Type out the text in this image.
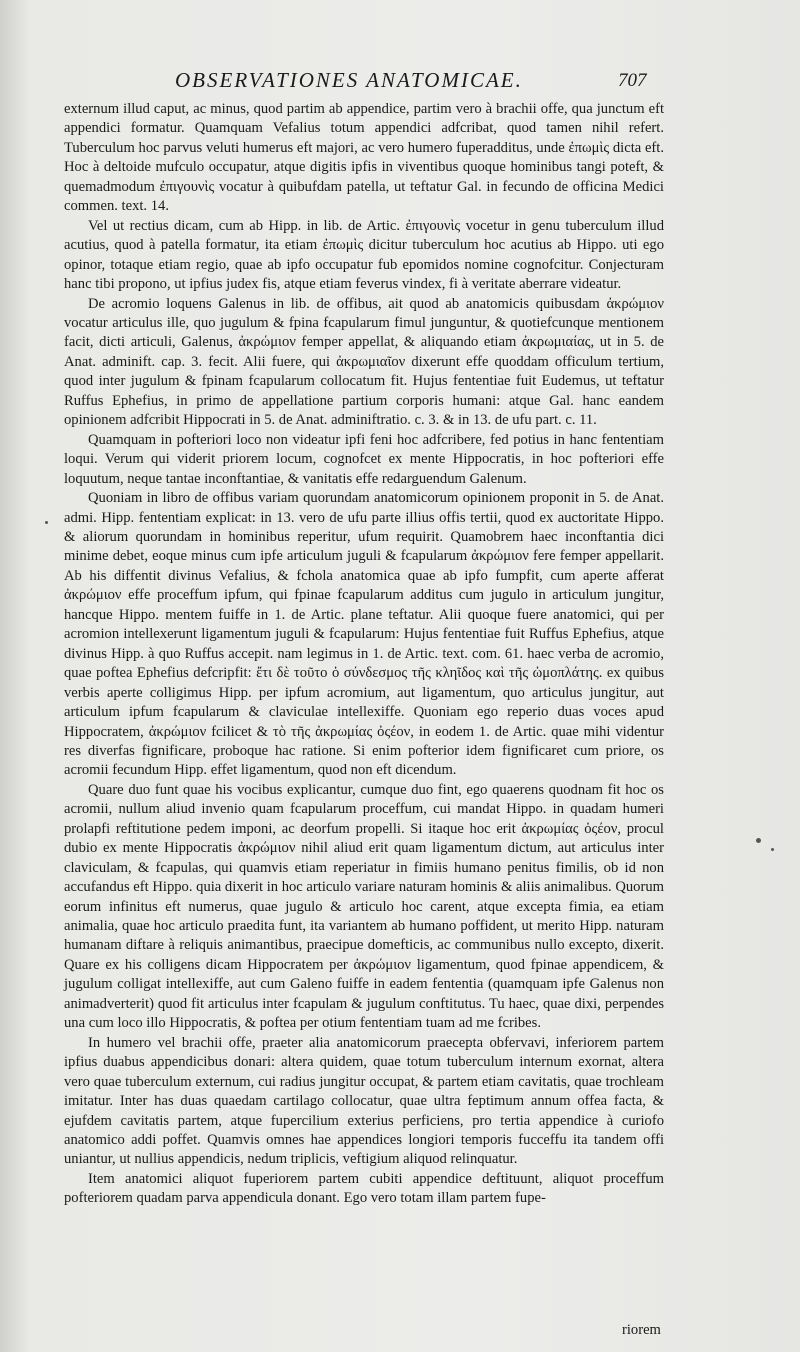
OBSERVATIONES ANATOMICAE.	707

externum illud caput, ac minus, quod partim ab appendice, partim vero à brachii offe, qua junctum eft appendici formatur. Quamquam Vefalius totum appendici adfcribat, quod tamen nihil refert. Tuberculum hoc parvus veluti humerus eft majori, ac vero humero fuperadditus, unde ἐπωμὶς dicta eft. Hoc à deltoide mufculo occupatur, atque digitis ipfis in viventibus quoque hominibus tangi poteft, & quemadmodum ἐπιγουνὶς vocatur à quibufdam patella, ut teftatur Gal. in fecundo de officina Medici commen. text. 14.

Vel ut rectius dicam, cum ab Hipp. in lib. de Artic. ἐπιγουνὶς vocetur in genu tuberculum illud acutius, quod à patella formatur, ita etiam ἐπωμὶς dicitur tuberculum hoc acutius ab Hippo. uti ego opinor, totaque etiam regio, quae ab ipfo occupatur fub epomidos nomine cognofcitur. Conjecturam hanc tibi propono, ut ipfius judex fis, atque etiam feverus vindex, fi à veritate aberrare videatur.

De acromio loquens Galenus in lib. de offibus, ait quod ab anatomicis quibusdam ἀκρώμιον vocatur articulus ille, quo jugulum & fpina fcapularum fimul junguntur, & quotiefcunque mentionem facit, dicti articuli, Galenus, ἀκρώμιον femper appellat, & aliquando etiam ἀκρωμιαίας, ut in 5. de Anat. adminift. cap. 3. fecit. Alii fuere, qui ἀκρωμιαῖον dixerunt effe quoddam officulum tertium, quod inter jugulum & fpinam fcapularum collocatum fit. Hujus fententiae fuit Eudemus, ut teftatur Ruffus Ephefius, in primo de appellatione partium corporis humani: atque Gal. hanc eandem opinionem adfcribit Hippocrati in 5. de Anat. adminiftratio. c. 3. & in 13. de ufu part. c. 11.

Quamquam in pofteriori loco non videatur ipfi feni hoc adfcribere, fed potius in hanc fententiam loqui. Verum qui viderit priorem locum, cognofcet ex mente Hippocratis, in hoc pofteriori effe loquutum, neque tantae inconftantiae, & vanitatis effe redarguendum Galenum.

Quoniam in libro de offibus variam quorundam anatomicorum opinionem proponit in 5. de Anat. admi. Hipp. fententiam explicat: in 13. vero de ufu parte illius offis tertii, quod ex auctoritate Hippo. & aliorum quorundam in hominibus reperitur, ufum requirit. Quamobrem haec inconftantia dici minime debet, eoque minus cum ipfe articulum juguli & fcapularum ἀκρώμιον fere femper appellarit. Ab his diffentit divinus Vefalius, & fchola anatomica quae ab ipfo fumpfit, cum aperte afferat ἀκρώμιον effe proceffum ipfum, qui fpinae fcapularum additus cum jugulo in articulum jungitur, hancque Hippo. mentem fuiffe in 1. de Artic. plane teftatur. Alii quoque fuere anatomici, qui per acromion intellexerunt ligamentum juguli & fcapularum: Hujus fententiae fuit Ruffus Ephefius, atque divinus Hipp. à quo Ruffus accepit. nam legimus in 1. de Artic. text. com. 61. haec verba de acromio, quae poftea Ephefius defcripfit: ἔτι δὲ τοῦτο ὁ σύνδεσμος τῆς κληῖδος καὶ τῆς ὠμοπλάτης. ex quibus verbis aperte colligimus Hipp. per ipfum acromium, aut ligamentum, quo articulus jungitur, aut articulum ipfum fcapularum & claviculae intellexiffe. Quoniam ego reperio duas voces apud Hippocratem, ἀκρώμιον fcilicet & τὸ τῆς ἀκρωμίας ὀςέον, in eodem 1. de Artic. quae mihi videntur res diverfas fignificare, proboque hac ratione. Si enim pofterior idem fignificaret cum priore, os acromii fecundum Hipp. effet ligamentum, quod non eft dicendum.

Quare duo funt quae his vocibus explicantur, cumque duo fint, ego quaerens quodnam fit hoc os acromii, nullum aliud invenio quam fcapularum proceffum, cui mandat Hippo. in quadam humeri prolapfi reftitutione pedem imponi, ac deorfum propelli. Si itaque hoc erit ἀκρωμίας ὀςέον, procul dubio ex mente Hippocratis ἀκρώμιον nihil aliud erit quam ligamentum dictum, aut articulus inter claviculam, & fcapulas, qui quamvis etiam reperiatur in fimiis humano penitus fimilis, ob id non accufandus eft Hippo. quia dixerit in hoc articulo variare naturam hominis & aliis animalibus. Quorum eorum infinitus eft numerus, quae jugulo & articulo hoc carent, atque excepta fimia, ea etiam animalia, quae hoc articulo praedita funt, ita variantem ab humano poffident, ut merito Hipp. naturam humanam diftare à reliquis animantibus, praecipue domefticis, ac communibus nullo excepto, dixerit. Quare ex his colligens dicam Hippocratem per ἀκρώμιον ligamentum, quod fpinae appendicem, & jugulum colligat intellexiffe, aut cum Galeno fuiffe in eadem fententia (quamquam ipfe Galenus non animadverterit) quod fit articulus inter fcapulam & jugulum conftitutus. Tu haec, quae dixi, perpendes una cum loco illo Hippocratis, & poftea per otium fententiam tuam ad me fcribes.

In humero vel brachii offe, praeter alia anatomicorum praecepta obfervavi, inferiorem partem ipfius duabus appendicibus donari: altera quidem, quae totum tuberculum internum exornat, altera vero quae tuberculum externum, cui radius jungitur occupat, & partem etiam cavitatis, quae trochleam imitatur. Inter has duas quaedam cartilago collocatur, quae ultra feptimum annum offea facta, & ejufdem cavitatis partem, atque fupercilium exterius perficiens, pro tertia appendice à curiofo anatomico addi poffet. Quamvis omnes hae appendices longiori temporis fucceffu ita tandem offi uniantur, ut nullius appendicis, nedum triplicis, veftigium aliquod relinquatur.

Item anatomici aliquot fuperiorem partem cubiti appendice deftituunt, aliquot proceffum pofteriorem quadam parva appendicula donant. Ego vero totam illam partem fupe-

riorem
